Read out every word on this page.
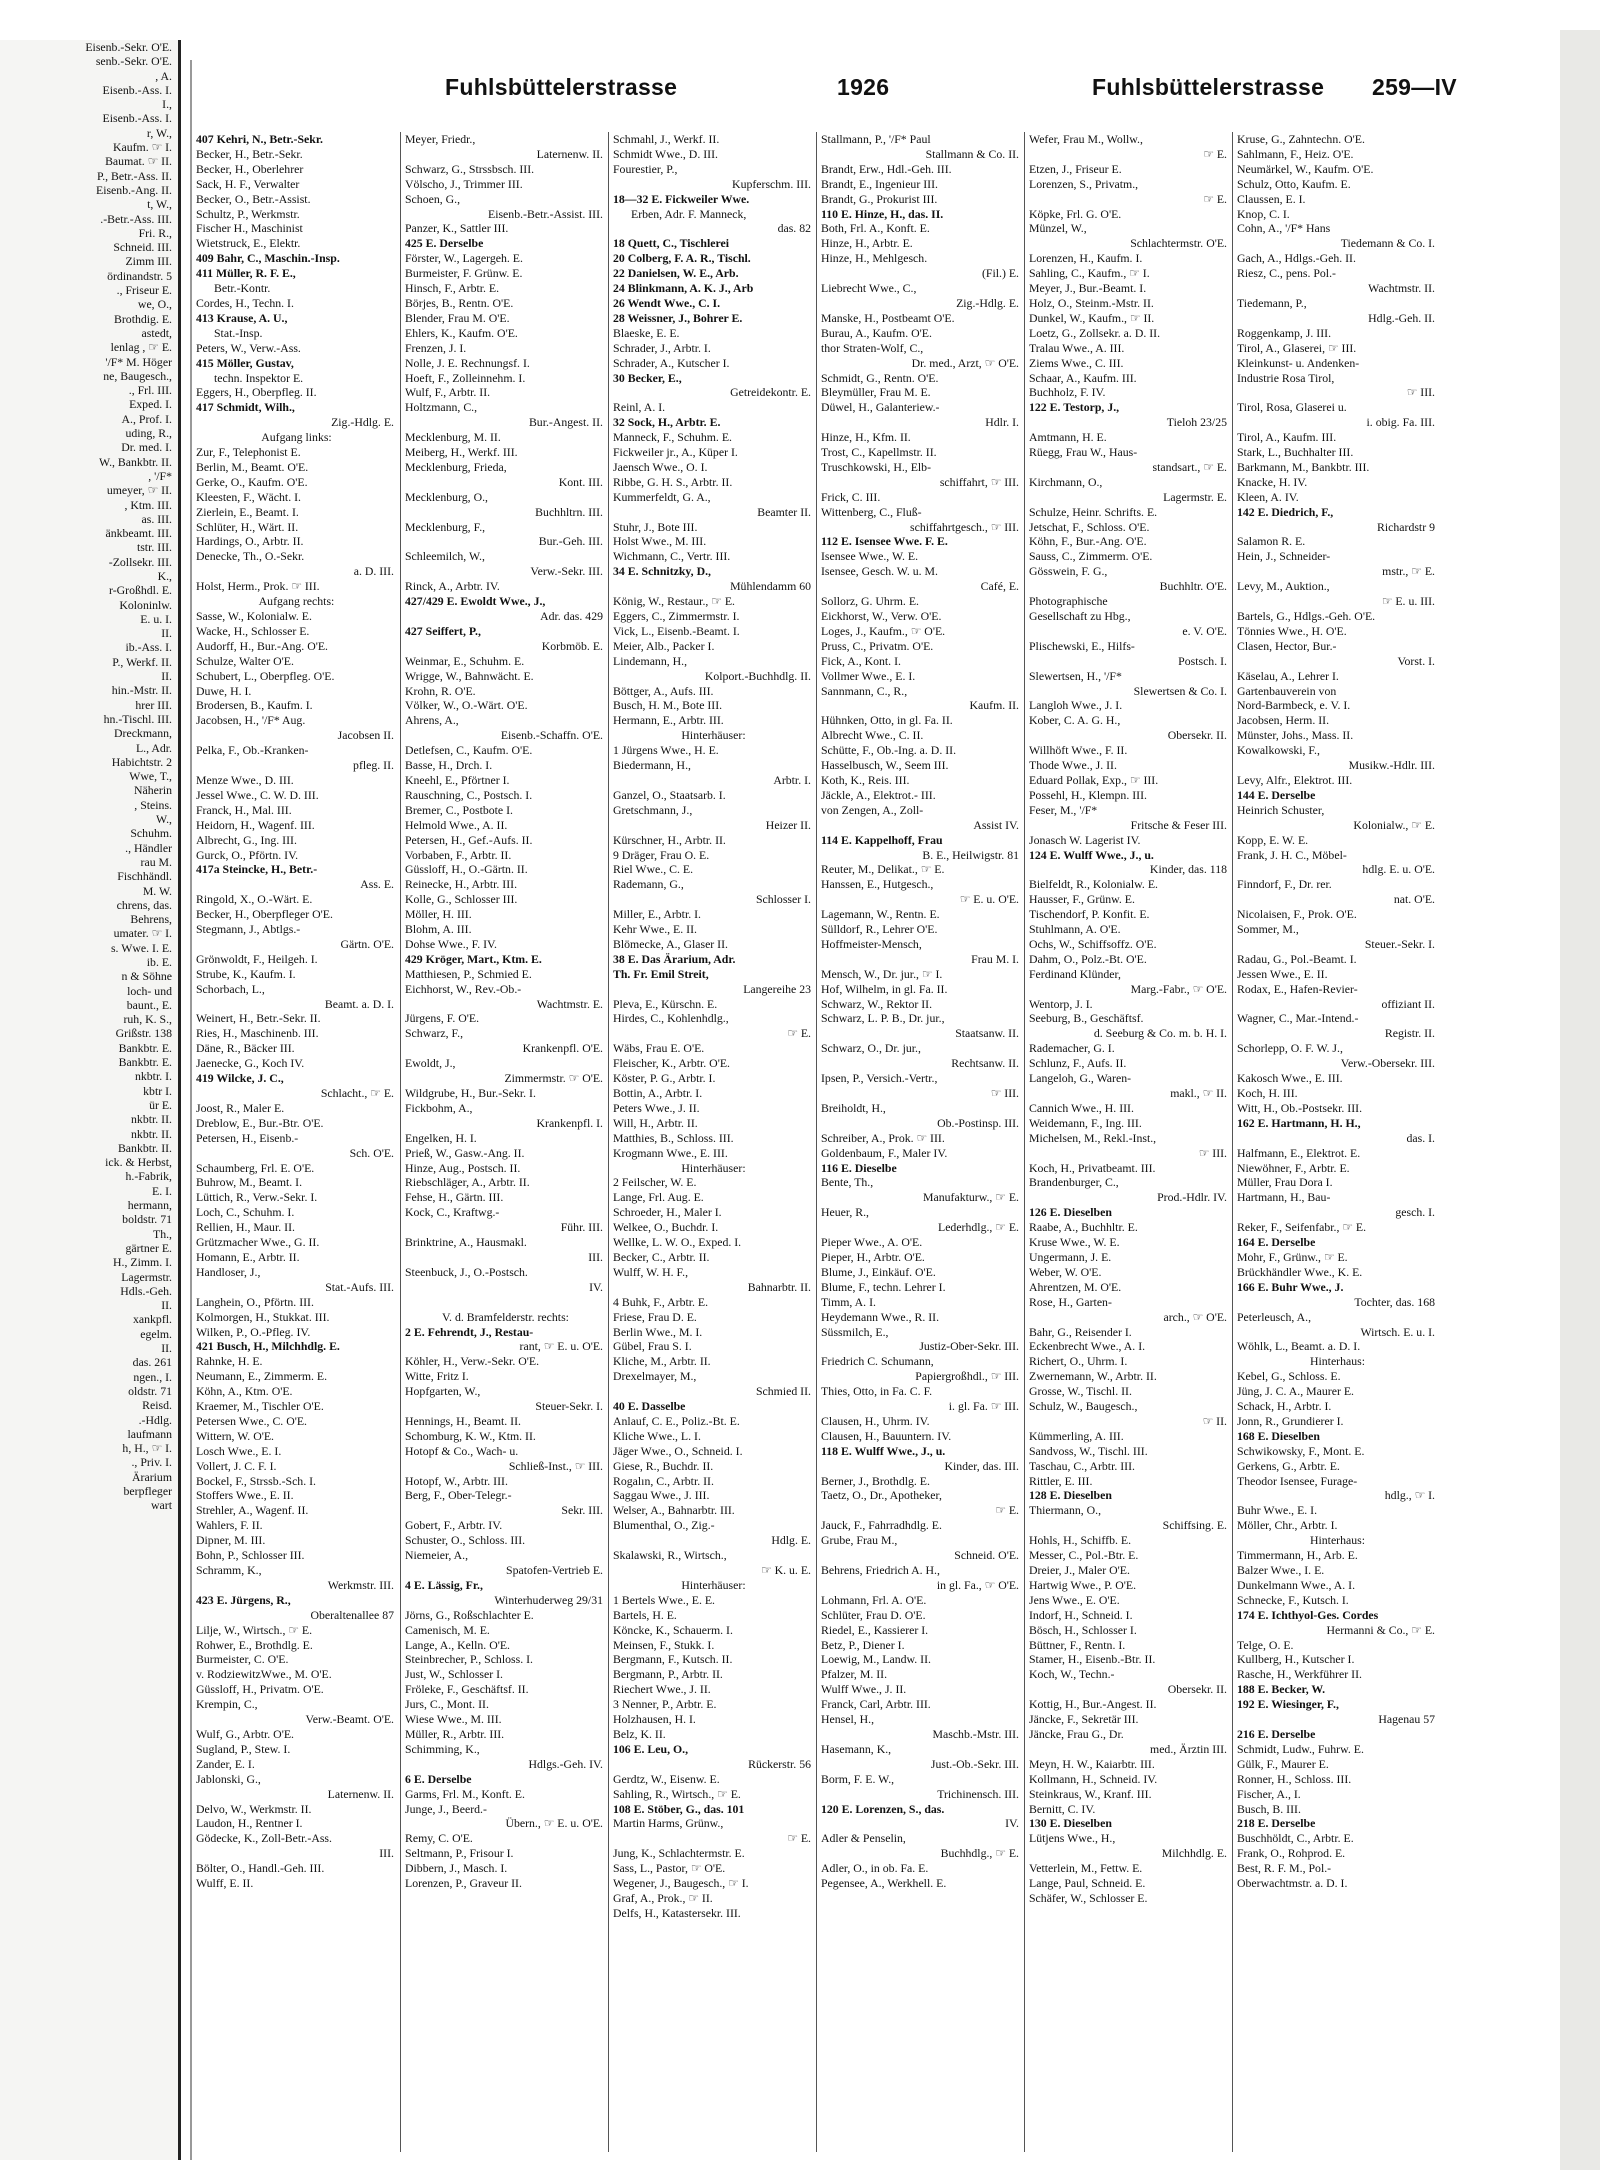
Eisenb.-Sekr. O'E.
senb.-Sekr. O'E.
, A.
Eisenb.-Ass. I.
I.,
Eisenb.-Ass. I.
r, W.,
Kaufm. ☞ I.
Baumat. ☞ II.
P., Betr.-Ass. II.
Eisenb.-Ang. II.
t, W.,
.-Betr.-Ass. III.
Fri. R.,
Schneid. III.
Zimm III.
ördinandstr. 5
., Friseur E.
we, O.,
Brothdig. E.
astedt,
lenlag , ☞ E.
'/F* M. Höger
ne, Baugesch.,
., Frl. III.
Exped. I.
A., Prof. I.
uding, R.,
Dr. med. I.
W., Bankbtr. II.
, '/F*
umeyer, ☞ II.
, Ktm. III.
as. III.
änkbeamt. III.
tstr. III.
-Zollsekr. III.
K.,
r-Großhdl. E.
Koloninlw.
E. u. I.
II.
ib.-Ass. I.
P., Werkf. II.
II.
hin.-Mstr. II.
hrer III.
hn.-Tischl. III.
Dreckmann,
L., Adr.
Habichtstr. 2
Wwe, T.,
Näherin
, Steins.
W.,
Schuhm.
., Händler
rau M.
Fischhändl.
M. W.
chrens, das.
Behrens,
umater. ☞ I.
s. Wwe. I. E.
ib. E.
n & Söhne
loch- und
baunt., E.
ruh, K. S.,
Grißstr. 138
Bankbtr. E.
Bankbtr. E.
nkbtr. I.
kbtr I.
ür E.
nkbtr. II.
nkbtr. II.
Bankbtr. II.
ick. & Herbst,
h.-Fabrik,
E. I.
hermann,
boldstr. 71
Th.,
gärtner E.
H., Zimm. I.
Lagermstr.
Hdls.-Geh.
II.
xankpfl.
egelm.
II.
das. 261
ngen., I.
oldstr. 71
Reisd.
.-Hdlg.
laufmann
h, H., ☞ I.
., Priv. I.
Ärarium
berpfleger
wart
Fuhlsbüttelerstrasse	1926	Fuhlsbüttelerstrasse 259—IV
407 Kehri, N., Betr.-Sekr.
Becker, H., Betr.-Sekr.
Becker, H., Oberlehrer
Sack, H. F., Verwalter
Becker, O., Betr.-Assist.
Schultz, P., Werkmstr.
Fischer H., Maschinist
Wietstruck, E., Elektr.
409 Bahr, C., Maschin.-Insp.
411 Müller, R. F. E.,
Betr.-Kontr.
Cordes, H., Techn. I.
413 Krause, A. U.,
Stat.-Insp.
Peters, W., Verw.-Ass.
415 Möller, Gustav,
techn. Inspektor E.
Eggers, H., Oberpfleg. II.
417 Schmidt, Wilh.,
Zig.-Hdlg. E.
Aufgang links:
Zur, F., Telephonist E.
Berlin, M., Beamt. O'E.
Gerke, O., Kaufm. O'E.
Kleesten, F., Wächt. I.
Zierlein, E., Beamt. I.
Schlüter, H., Wärt. II.
Hardings, O., Arbtr. II.
Denecke, Th., O.-Sekr.
a. D. III.
Holst, Herm., Prok. ☞ III.
Aufgang rechts:
Sasse, W., Kolonialw. E.
Wacke, H., Schlosser E.
Audorff, H., Bur.-Ang. O'E.
Schulze, Walter O'E.
Schubert, L., Oberpfleg. O'E.
Duwe, H. I.
Brodersen, B., Kaufm. I.
Jacobsen, H., '/F* Aug.
Jacobsen II.
Pelka, F., Ob.-Kranken-
pfleg. II.
Menze Wwe., D. III.
Jessel Wwe., C. W. D. III.
Franck, H., Mal. III.
Heidorn, H., Wagenf. III.
Albrecht, G., Ing. III.
Gurck, O., Pförtn. IV.
417a Steincke, H., Betr.-
Ass. E.
Ringold, X., O.-Wärt. E.
Becker, H., Oberpfleger O'E.
Stegmann, J., Abtlgs.-
Gärtn. O'E.
Grönwoldt, F., Heilgeh. I.
Strube, K., Kaufm. I.
Schorbach, L.,
Beamt. a. D. I.
Weinert, H., Betr.-Sekr. II.
Ries, H., Maschinenb. III.
Däne, R., Bäcker III.
Jaenecke, G., Koch IV.
419 Wilcke, J. C.,
Schlacht., ☞ E.
Joost, R., Maler E.
Dreblow, E., Bur.-Btr. O'E.
Petersen, H., Eisenb.-
Sch. O'E.
Schaumberg, Frl. E. O'E.
Buhrow, M., Beamt. I.
Lüttich, R., Verw.-Sekr. I.
Loch, C., Schuhm. I.
Rellien, H., Maur. II.
Grützmacher Wwe., G. II.
Homann, E., Arbtr. II.
Handloser, J.,
Stat.-Aufs. III.
Langhein, O., Pförtn. III.
Kolmorgen, H., Stukkat. III.
Wilken, P., O.-Pfleg. IV.
421 Busch, H., Milchhdlg. E.
Rahnke, H. E.
Neumann, E., Zimmerm. E.
Köhn, A., Ktm. O'E.
Kraemer, M., Tischler O'E.
Petersen Wwe., C. O'E.
Wittern, W. O'E.
Losch Wwe., E. I.
Vollert, J. C. F. I.
Bockel, F., Strssb.-Sch. I.
Stoffers Wwe., E. II.
Strehler, A., Wagenf. II.
Wahlers, F. II.
Dipner, M. III.
Bohn, P., Schlosser III.
Schramm, K.,
Werkmstr. III.
423 E. Jürgens, R.,
Oberaltenallee 87
Lilje, W., Wirtsch., ☞ E.
Rohwer, E., Brothdlg. E.
Burmeister, C. O'E.
v. RodziewitzWwe., M. O'E.
Güssloff, H., Privatm. O'E.
Krempin, C.,
Verw.-Beamt. O'E.
Wulf, G., Arbtr. O'E.
Sugland, P., Stew. I.
Zander, E. I.
Jablonski, G.,
Laternenw. II.
Delvo, W., Werkmstr. II.
Laudon, H., Rentner I.
Gödecke, K., Zoll-Betr.-Ass.
III.
Bölter, O., Handl.-Geh. III.
Wulff, E. II.
Meyer, Friedr.,
Laternenw. II.
Schwarz, G., Strssbsch. III.
Völscho, J., Trimmer III.
Schoen, G.,
Eisenb.-Betr.-Assist. III.
Panzer, K., Sattler III.
425 E. Derselbe
Förster, W., Lagergeh. E.
Burmeister, F. Grünw. E.
Hinsch, F., Arbtr. E.
Börjes, B., Rentn. O'E.
Blender, Frau M. O'E.
Ehlers, K., Kaufm. O'E.
Frenzen, J. I.
Nolle, J. E. Rechnungsf. I.
Hoeft, F., Zolleinnehm. I.
Wulf, F., Arbtr. II.
Holtzmann, C.,
Bur.-Angest. II.
Mecklenburg, M. II.
Meiberg, H., Werkf. III.
Mecklenburg, Frieda,
Kont. III.
Mecklenburg, O.,
Buchhltrn. III.
Mecklenburg, F.,
Bur.-Geh. III.
Schleemilch, W.,
Verw.-Sekr. III.
Rinck, A., Arbtr. IV.
427/429 E. Ewoldt Wwe., J.,
Adr. das. 429
427 Seiffert, P.,
Korbmöb. E.
Weinmar, E., Schuhm. E.
Wrigge, W., Bahnwächt. E.
Krohn, R. O'E.
Völker, W., O.-Wärt. O'E.
Ahrens, A.,
Eisenb.-Schaffn. O'E.
Detlefsen, C., Kaufm. O'E.
Basse, H., Drch. I.
Kneehl, E., Pförtner I.
Rauschning, C., Postsch. I.
Bremer, C., Postbote I.
Helmold Wwe., A. II.
Petersen, H., Gef.-Aufs. II.
Vorbaben, F., Arbtr. II.
Güssloff, H., O.-Gärtn. II.
Reinecke, H., Arbtr. III.
Kolle, G., Schlosser III.
Möller, H. III.
Blohm, A. III.
Dohse Wwe., F. IV.
429 Kröger, Mart., Ktm. E.
Matthiesen, P., Schmied E.
Eichhorst, W., Rev.-Ob.-
Wachtmstr. E.
Jürgens, F. O'E.
Schwarz, F.,
Krankenpfl. O'E.
Ewoldt, J.,
Zimmermstr. ☞ O'E.
Wildgrube, H., Bur.-Sekr. I.
Fickbohm, A.,
Krankenpfl. I.
Engelken, H. I.
Prieß, W., Gasw.-Ang. II.
Hinze, Aug., Postsch. II.
Riebschläger, A., Arbtr. II.
Fehse, H., Gärtn. III.
Kock, C., Kraftwg.-
Führ. III.
Brinktrine, A., Hausmakl.
III.
Steenbuck, J., O.-Postsch.
IV.

V. d. Bramfelderstr. rechts:
2 E. Fehrendt, J., Restau-
rant, ☞ E. u. O'E.
Köhler, H., Verw.-Sekr. O'E.
Witte, Fritz I.
Hopfgarten, W.,
Steuer-Sekr. I.
Hennings, H., Beamt. II.
Schomburg, K. W., Ktm. II.
Hotopf & Co., Wach- u.
Schließ-Inst., ☞ III.
Hotopf, W., Arbtr. III.
Berg, F., Ober-Telegr.-
Sekr. III.
Gobert, F., Arbtr. IV.
Schuster, O., Schloss. III.
Niemeier, A.,
Spatofen-Vertrieb E.
4 E. Lässig, Fr.,
Winterhuderweg 29/31
Jörns, G., Roßschlachter E.
Camenisch, M. E.
Lange, A., Kelln. O'E.
Steinbrecher, P., Schloss. I.
Just, W., Schlosser I.
Fröleke, F., Geschäftsf. II.
Jurs, C., Mont. II.
Wiese Wwe., M. III.
Müller, R., Arbtr. III.
Schimming, K.,
Hdlgs.-Geh. IV.
6 E. Derselbe
Garms, Frl. M., Konft. E.
Junge, J., Beerd.-
Übern., ☞ E. u. O'E.
Remy, C. O'E.
Seltmann, P., Frisour I.
Dibbern, J., Masch. I.
Lorenzen, P., Graveur II.
Schmahl, J., Werkf. II.
Schmidt Wwe., D. III.
Fourestier, P.,
Kupferschm. III.
18—32 E. Fickweiler Wwe.
Erben, Adr. F. Manneck,
das. 82
18 Quett, C., Tischlerei
20 Colberg, F. A. R., Tischl.
22 Danielsen, W. E., Arb.
24 Blinkmann, A. K. J., Arb
26 Wendt Wwe., C. I.
28 Weissner, J., Bohrer E.
Blaeske, E. E.
Schrader, J., Arbtr. I.
Schrader, A., Kutscher I.
30 Becker, E.,
Getreidekontr. E.
Reinl, A. I.
32 Sock, H., Arbtr. E.
Manneck, F., Schuhm. E.
Fickweiler jr., A., Küper I.
Jaensch Wwe., O. I.
Ribbe, G. H. S., Arbtr. II.
Kummerfeldt, G. A.,
Beamter II.
Stuhr, J., Bote III.
Holst Wwe., M. III.
Wichmann, C., Vertr. III.
34 E. Schnitzky, D.,
Mühlendamm 60
König, W., Restaur., ☞ E.
Eggers, C., Zimmermstr. I.
Vick, L., Eisenb.-Beamt. I.
Meier, Alb., Packer I.
Lindemann, H.,
Kolport.-Buchhdlg. II.
Böttger, A., Aufs. III.
Busch, H. M., Bote III.
Hermann, E., Arbtr. III.
Hinterhäuser:
1 Jürgens Wwe., H. E.
Biedermann, H.,
Arbtr. I.
Ganzel, O., Staatsarb. I.
Gretschmann, J.,
Heizer II.
Kürschner, H., Arbtr. II.
9 Dräger, Frau O. E.
Riel Wwe., C. E.
Rademann, G.,
Schlosser I.
Miller, E., Arbtr. I.
Kehr Wwe., E. II.
Blömecke, A., Glaser II.
38 E. Das Ärarium, Adr.
Th. Fr. Emil Streit,
Langereihe 23
Pleva, E., Kürschn. E.
Hirdes, C., Kohlenhdlg.,
☞ E.
Wäbs, Frau E. O'E.
Fleischer, K., Arbtr. O'E.
Köster, P. G., Arbtr. I.
Bottin, A., Arbtr. I.
Peters Wwe., J. II.
Will, H., Arbtr. II.
Matthies, B., Schloss. III.
Krogmann Wwe., E. III.
Hinterhäuser:
2 Feilscher, W. E.
Lange, Frl. Aug. E.
Schroeder, H., Maler I.
Welkee, O., Buchdr. I.
Wellke, L. W. O., Exped. I.
Becker, C., Arbtr. II.
Wulff, W. H. F.,
Bahnarbtr. II.
4 Buhk, F., Arbtr. E.
Friese, Frau D. E.
Berlin Wwe., M. I.
Gübel, Frau S. I.
Kliche, M., Arbtr. II.
Drexelmayer, M.,
Schmied II.
40 E. Dasselbe
Anlauf, C. E., Poliz.-Bt. E.
Kliche Wwe., L. I.
Jäger Wwe., O., Schneid. I.
Giese, R., Buchdr. II.
Rogalın, C., Arbtr. II.
Saggau Wwe., J. III.
Welser, A., Bahnarbtr. III.
Blumenthal, O., Zig.-
Hdlg. E.
Skalawski, R., Wirtsch.,
☞ K. u. E.
Hinterhäuser:
1 Bertels Wwe., E. E.
Bartels, H. E.
Köncke, K., Schauerm. I.
Meinsen, F., Stukk. I.
Bergmann, F., Kutsch. II.
Bergmann, P., Arbtr. II.
Riechert Wwe., J. II.
3 Nenner, P., Arbtr. E.
Holzhausen, H. I.
Belz, K. II.
106 E. Leu, O.,
Rückerstr. 56
Gerdtz, W., Eisenw. E.
Sahling, R., Wirtsch., ☞ E.
108 E. Stöber, G., das. 101
Martin Harms, Grünw.,
☞ E.
Jung, K., Schlachtermstr. E.
Sass, L., Pastor, ☞ O'E.
Wegener, J., Baugesch., ☞ I.
Graf, A., Prok., ☞ II.
Delfs, H., Katastersekr. III.
Stallmann, P., '/F* Paul
Stallmann & Co. II.
Brandt, Erw., Hdl.-Geh. III.
Brandt, E., Ingenieur III.
Brandt, G., Prokurist III.
110 E. Hinze, H., das. II.
Both, Frl. A., Konft. E.
Hinze, H., Arbtr. E.
Hinze, H., Mehlgesch.
(Fil.) E.
Liebrecht Wwe., C.,
Zig.-Hdlg. E.
Manske, H., Postbeamt O'E.
Burau, A., Kaufm. O'E.
thor Straten-Wolf, C.,
Dr. med., Arzt, ☞ O'E.
Schmidt, G., Rentn. O'E.
Bleymüller, Frau M. E.
Düwel, H., Galanteriew.-
Hdlr. I.
Hinze, H., Kfm. II.
Trost, C., Kapellmstr. II.
Truschkowski, H., Elb-
schiffahrt, ☞ III.
Frick, C. III.
Wittenberg, C., Fluß-
schiffahrtgesch., ☞ III.
112 E. Isensee Wwe. F. E.
Isensee Wwe., W. E.
Isensee, Gesch. W. u. M.
Café, E.
Sollorz, G. Uhrm. E.
Eickhorst, W., Verw. O'E.
Loges, J., Kaufm., ☞ O'E.
Pruss, C., Privatm. O'E.
Fick, A., Kont. I.
Vollmer Wwe., E. I.
Sannmann, C., R.,
Kaufm. II.
Hühnken, Otto, in gl. Fa. II.
Albrecht Wwe., C. II.
Schütte, F., Ob.-Ing. a. D. II.
Hasselbusch, W., Seem III.
Koth, K., Reis. III.
Jäckle, A., Elektrot.- III.
von Zengen, A., Zoll-
Assist IV.
114 E. Kappelhoff, Frau
B. E., Heilwigstr. 81
Reuter, M., Delikat., ☞ E.
Hanssen, E., Hutgesch.,
☞ E. u. O'E.
Lagemann, W., Rentn. E.
Sülldorf, R., Lehrer O'E.
Hoffmeister-Mensch,
Frau M. I.
Mensch, W., Dr. jur., ☞ I.
Hof, Wilhelm, in gl. Fa. II.
Schwarz, W., Rektor II.
Schwarz, L. P. B., Dr. jur.,
Staatsanw. II.
Schwarz, O., Dr. jur.,
Rechtsanw. II.
Ipsen, P., Versich.-Vertr.,
☞ III.
Breiholdt, H.,
Ob.-Postinsp. III.
Schreiber, A., Prok. ☞ III.
Goldenbaum, F., Maler IV.
116 E. Dieselbe
Bente, Th.,
Manufakturw., ☞ E.
Heuer, R.,
Lederhdlg., ☞ E.
Pieper Wwe., A. O'E.
Pieper, H., Arbtr. O'E.
Blume, J., Einkäuf. O'E.
Blume, F., techn. Lehrer I.
Timm, A. I.
Heydemann Wwe., R. II.
Süssmilch, E.,
Justiz-Ober-Sekr. III.
Friedrich C. Schumann,
Papiergroßhdl., ☞ III.
Thies, Otto, in Fa. C. F.
i. gl. Fa. ☞ III.
Clausen, H., Uhrm. IV.
Clausen, H., Bauuntern. IV.
118 E. Wulff Wwe., J., u.
Kinder, das. III.
Berner, J., Brothdlg. E.
Taetz, O., Dr., Apotheker,
☞ E.
Jauck, F., Fahrradhdlg. E.
Grube, Frau M.,
Schneid. O'E.
Behrens, Friedrich A. H.,
in gl. Fa., ☞ O'E.
Lohmann, Frl. A. O'E.
Schlüter, Frau D. O'E.
Riedel, E., Kassierer I.
Betz, P., Diener I.
Loewig, M., Landw. II.
Pfalzer, M. II.
Wulff Wwe., J. II.
Franck, Carl, Arbtr. III.
Hensel, H.,
Maschb.-Mstr. III.
Hasemann, K.,
Just.-Ob.-Sekr. III.
Borm, F. E. W.,
Trichinensch. III.
120 E. Lorenzen, S., das.
IV.
Adler & Penselin,
Buchhdlg., ☞ E.
Adler, O., in ob. Fa. E.
Pegensee, A., Werkhell. E.
Wefer, Frau M., Wollw.,
☞ E.
Etzen, J., Friseur E.
Lorenzen, S., Privatm.,
☞ E.
Köpke, Frl. G. O'E.
Münzel, W.,
Schlachtermstr. O'E.
Lorenzen, H., Kaufm. I.
Sahling, C., Kaufm., ☞ I.
Meyer, J., Bur.-Beamt. I.
Holz, O., Steinm.-Mstr. II.
Dunkel, W., Kaufm., ☞ II.
Loetz, G., Zollsekr. a. D. II.
Tralau Wwe., A. III.
Ziems Wwe., C. III.
Schaar, A., Kaufm. III.
Buchholz, F. IV.
122 E. Testorp, J.,
Tieloh 23/25
Amtmann, H. E.
Rüegg, Frau W., Haus-
standsart., ☞ E.
Kirchmann, O.,
Lagermstr. E.
Schulze, Heinr. Schrifts. E.
Jetschat, F., Schloss. O'E.
Köhn, F., Bur.-Ang. O'E.
Sauss, C., Zimmerm. O'E.
Gösswein, F. G.,
Buchhltr. O'E.
Photographische
Gesellschaft zu Hbg.,
e. V. O'E.
Plischewski, E., Hilfs-
Postsch. I.
Slewertsen, H., '/F*
Slewertsen & Co. I.
Langloh Wwe., J. I.
Kober, C. A. G. H.,
Obersekr. II.
Willhöft Wwe., F. II.
Thode Wwe., J. II.
Eduard Pollak, Exp., ☞ III.
Possehl, H., Klempn. III.
Feser, M., '/F*
Fritsche & Feser III.
Jonasch W. Lagerist IV.
124 E. Wulff Wwe., J., u.
Kinder, das. 118
Bielfeldt, R., Kolonialw. E.
Hausser, F., Grünw. E.
Tischendorf, P. Konfit. E.
Stuhlmann, A. O'E.
Ochs, W., Schiffsoffz. O'E.
Dahm, O., Polz.-Bt. O'E.
Ferdinand Klünder,
Marg.-Fabr., ☞ O'E.
Wentorp, J. I.
Seeburg, B., Geschäftsf.
d. Seeburg & Co. m. b. H. I.
Rademacher, G. I.
Schlunz, F., Aufs. II.
Langeloh, G., Waren-
makl., ☞ II.
Cannich Wwe., H. III.
Weidemann, F., Ing. III.
Michelsen, M., Rekl.-Inst.,
☞ III.
Koch, H., Privatbeamt. III.
Brandenburger, C.,
Prod.-Hdlr. IV.
126 E. Dieselben
Raabe, A., Buchhltr. E.
Kruse Wwe., W. E.
Ungermann, J. E.
Weber, W. O'E.
Ahrentzen, M. O'E.
Rose, H., Garten-
arch., ☞ O'E.
Bahr, G., Reisender I.
Eckenbrecht Wwe., A. I.
Richert, O., Uhrm. I.
Zwernemann, W., Arbtr. II.
Grosse, W., Tischl. II.
Schulz, W., Baugesch.,
☞ II.
Kümmerling, A. III.
Sandvoss, W., Tischl. III.
Taschau, C., Arbtr. III.
Rittler, E. III.
128 E. Dieselben
Thiermann, O.,
Schiffsing. E.
Hohls, H., Schiffb. E.
Messer, C., Pol.-Btr. E.
Dreier, J., Maler O'E.
Hartwig Wwe., P. O'E.
Jens Wwe., E. O'E.
Indorf, H., Schneid. I.
Bösch, H., Schlosser I.
Büttner, F., Rentn. I.
Stamer, H., Eisenb.-Btr. II.
Koch, W., Techn.-
Obersekr. II.
Kottig, H., Bur.-Angest. II.
Jäncke, F., Sekretär III.
Jäncke, Frau G., Dr.
med., Ärztin III.
Meyn, H. W., Kaiarbtr. III.
Kollmann, H., Schneid. IV.
Steinkraus, W., Kranf. III.
Bernitt, C. IV.
130 E. Dieselben
Lütjens Wwe., H.,
Milchhdlg. E.
Vetterlein, M., Fettw. E.
Lange, Paul, Schneid. E.
Schäfer, W., Schlosser E.
Kruse, G., Zahntechn. O'E.
Sahlmann, F., Heiz. O'E.
Neumärkel, W., Kaufm. O'E.
Schulz, Otto, Kaufm. E.
Claussen, E. I.
Knop, C. I.
Cohn, A., '/F* Hans
Tiedemann & Co. I.
Gach, A., Hdlgs.-Geh. II.
Riesz, C., pens. Pol.-
Wachtmstr. II.
Tiedemann, P.,
Hdlg.-Geh. II.
Roggenkamp, J. III.
Tirol, A., Glaserei, ☞ III.
Kleinkunst- u. Andenken-
Industrie Rosa Tirol,
☞ III.
Tirol, Rosa, Glaserei u.
i. obig. Fa. III.
Tirol, A., Kaufm. III.
Stark, L., Buchhalter III.
Barkmann, M., Bankbtr. III.
Knacke, H. IV.
Kleen, A. IV.
142 E. Diedrich, F.,
Richardstr 9
Salamon R. E.
Hein, J., Schneider-
mstr., ☞ E.
Levy, M., Auktion.,
☞ E. u. III.
Bartels, G., Hdlgs.-Geh. O'E.
Tönnies Wwe., H. O'E.
Clasen, Hector, Bur.-
Vorst. I.
Käselau, A., Lehrer I.
Gartenbauverein von
Nord-Barmbeck, e. V. I.
Jacobsen, Herm. II.
Münster, Johs., Mass. II.
Kowalkowski, F.,
Musikw.-Hdlr. III.
Levy, Alfr., Elektrot. III.
144 E. Derselbe
Heinrich Schuster,
Kolonialw., ☞ E.
Kopp, E. W. E.
Frank, J. H. C., Möbel-
hdlg. E. u. O'E.
Finndorf, F., Dr. rer.
nat. O'E.
Nicolaisen, F., Prok. O'E.
Sommer, M.,
Steuer.-Sekr. I.
Radau, G., Pol.-Beamt. I.
Jessen Wwe., E. II.
Rodax, E., Hafen-Revier-
offiziant II.
Wagner, C., Mar.-Intend.-
Registr. II.
Schorlepp, O. F. W. J.,
Verw.-Obersekr. III.
Kakosch Wwe., E. III.
Koch, H. III.
Witt, H., Ob.-Postsekr. III.
162 E. Hartmann, H. H.,
das. I.
Halfmann, E., Elektrot. E.
Niewöhner, F., Arbtr. E.
Müller, Frau Dora I.
Hartmann, H., Bau-
gesch. I.
Reker, F., Seifenfabr., ☞ E.
164 E. Derselbe
Mohr, F., Grünw., ☞ E.
Brückhändler Wwe., K. E.
166 E. Buhr Wwe., J.
Tochter, das. 168
Peterleusch, A.,
Wirtsch. E. u. I.
Wöhlk, L., Beamt. a. D. I.
Hinterhaus:
Kebel, G., Schloss. E.
Jüng, J. C. A., Maurer E.
Schack, H., Arbtr. I.
Jonn, R., Grundierer I.
168 E. Dieselben
Schwikowsky, F., Mont. E.
Gerkens, G., Arbtr. E.
Theodor Isensee, Furage-
hdlg., ☞ I.
Buhr Wwe., E. I.
Möller, Chr., Arbtr. I.
Hinterhaus:
Timmermann, H., Arb. E.
Balzer Wwe., I. E.
Dunkelmann Wwe., A. I.
Schnecke, F., Kutsch. I.
174 E. Ichthyol-Ges. Cordes
Hermanni & Co., ☞ E.
Telge, O. E.
Kullberg, H., Kutscher I.
Rasche, H., Werkführer II.
188 E. Becker, W.
192 E. Wiesinger, F.,
Hagenau 57
216 E. Derselbe
Schmidt, Ludw., Fuhrw. E.
Gülk, F., Maurer E.
Ronner, H., Schloss. III.
Fischer, A., I.
Busch, B. III.
218 E. Derselbe
Buschhöldt, C., Arbtr. E.
Frank, O., Rohprod. E.
Best, R. F. M., Pol.-
Oberwachtmstr. a. D. I.
